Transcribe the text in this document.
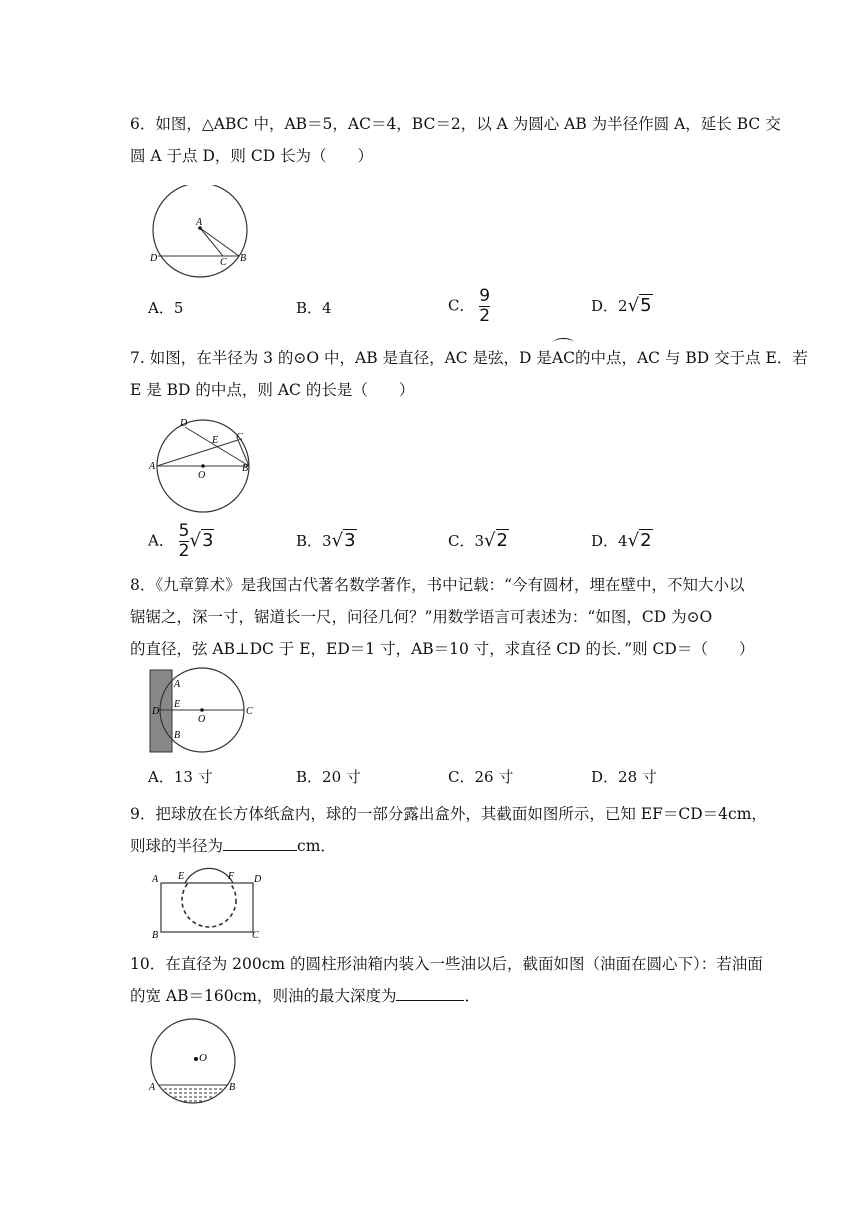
6．如图，△ABC 中，AB＝5，AC＝4，BC＝2，以 A 为圆心 AB 为半径作圆 A，延长 BC 交
圆 A 于点 D，则 CD 长为（　　）
A
D	C B
A．5	B．4	C． $\frac{9}{2}$	D．2√5
7. 如图，在半径为 3 的⊙O 中，AB 是直径，AC 是弦，D 是AC的中点，AC 与 BD 交于点 E．若
E 是 BD 的中点，则 AC 的长是（　　）
D
E C
A	B
O
A． $\frac{5}{2} √3$	B．3√3	C．3√2	D．4√2
8．《九章算术》是我国古代著名数学著作，书中记载：“今有圆材，埋在壁中，不知大小以
锯锯之，深一寸，锯道长一尺，问径几何？”用数学语言可表述为：“如图，CD 为⊙O
的直径，弦 AB⊥DC 于 E，ED＝1 寸，AB＝10 寸，求直径 CD 的长．”则 CD＝（　　）
A
D
E
O
C
B
A．13 寸	B．20 寸	C．26 寸	D．28 寸
9．把球放在长方体纸盒内，球的一部分露出盒外，其截面如图所示，已知 EF＝CD＝4cm，
则球的半径为	cm．
A E	F D
B	C
10．在直径为 200cm 的圆柱形油箱内装入一些油以后，截面如图（油面在圆心下）：若油面
的宽 AB＝160cm，则油的最大深度为	．
O
A	B
